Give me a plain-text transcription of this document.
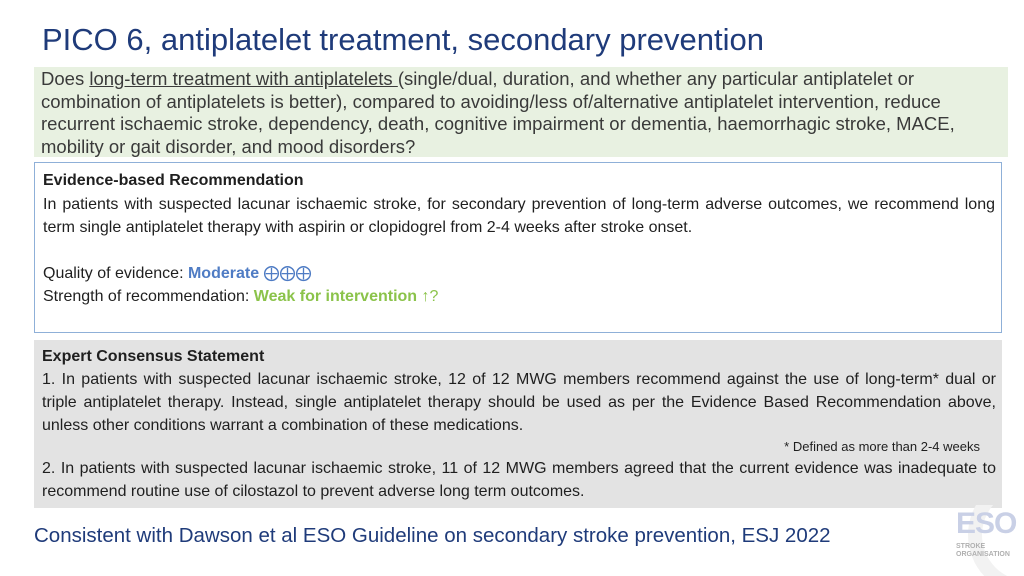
PICO 6, antiplatelet treatment, secondary prevention
Does long-term treatment with antiplatelets (single/dual, duration, and whether any particular antiplatelet or combination of antiplatelets is better), compared to avoiding/less of/alternative antiplatelet intervention, reduce recurrent ischaemic stroke, dependency, death, cognitive impairment or dementia, haemorrhagic stroke, MACE, mobility or gait disorder, and mood disorders?
Evidence-based Recommendation
In patients with suspected lacunar ischaemic stroke, for secondary prevention of long-term adverse outcomes, we recommend long term single antiplatelet therapy with aspirin or clopidogrel from 2-4 weeks after stroke onset.
Quality of evidence: Moderate ⨁⨁⨁
Strength of recommendation: Weak for intervention ↑?
Expert Consensus Statement
1. In patients with suspected lacunar ischaemic stroke, 12 of 12 MWG members recommend against the use of long-term* dual or triple antiplatelet therapy. Instead, single antiplatelet therapy should be used as per the Evidence Based Recommendation above, unless other conditions warrant a combination of these medications.
* Defined as more than 2-4 weeks
2. In patients with suspected lacunar ischaemic stroke, 11 of 12 MWG members agreed that the current evidence was inadequate to recommend routine use of cilostazol to prevent adverse long term outcomes.
ESO
STROKE
ORGANISATION
Consistent with Dawson et al ESO Guideline on secondary stroke prevention, ESJ 2022
